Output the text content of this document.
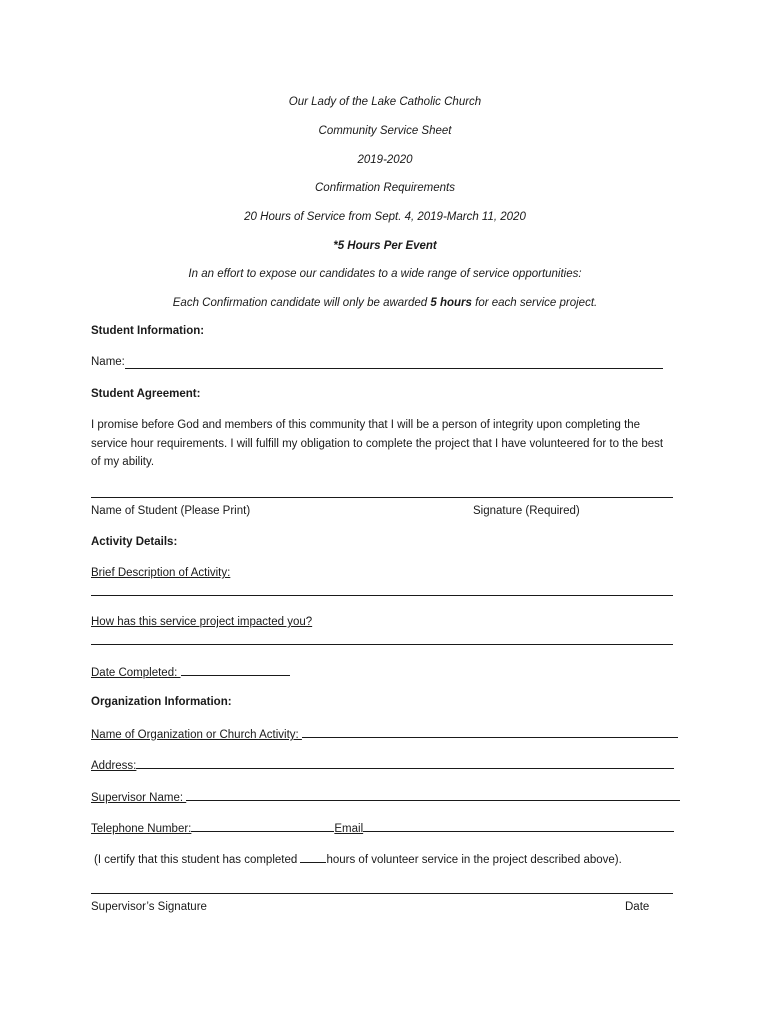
Our Lady of the Lake Catholic Church
Community Service Sheet
2019-2020
Confirmation Requirements
20 Hours of Service from Sept. 4, 2019-March 11, 2020
*5 Hours Per Event
In an effort to expose our candidates to a wide range of service opportunities:
Each Confirmation candidate will only be awarded 5 hours for each service project.
Student Information:
Name:
Student Agreement:
I promise before God and members of this community that I will be a person of integrity upon completing the service hour requirements. I will fulfill my obligation to complete the project that I have volunteered for to the best of my ability.
Name of Student (Please Print)	Signature (Required)
Activity Details:
Brief Description of Activity:
How has this service project impacted you?
Date Completed:
Organization Information:
Name of Organization or Church Activity:
Address:
Supervisor Name:
Telephone Number:	Email
(I certify that this student has completed hours of volunteer service in the project described above).
Supervisor’s Signature	Date
